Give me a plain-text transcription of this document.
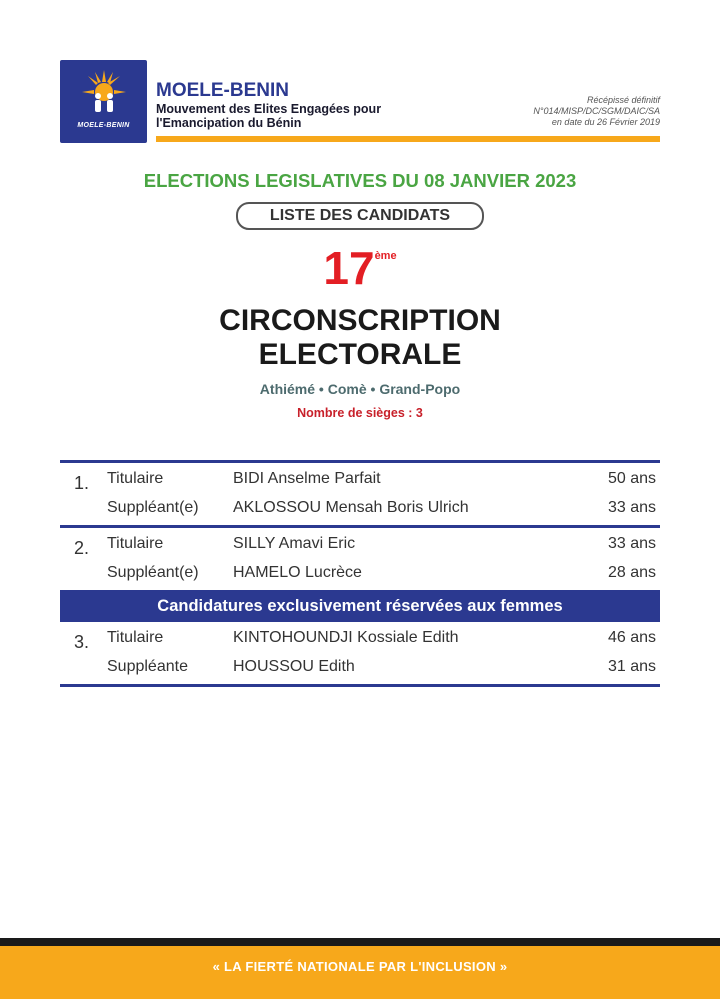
MOELE-BENIN
MOELE-BENIN
Mouvement des Elites Engagées pour
l'Emancipation du Bénin
Récépissé définitif
N°014/MISP/DC/SGM/DAIC/SA
en date du 26 Février 2019
ELECTIONS LEGISLATIVES DU 08 JANVIER 2023
LISTE DES CANDIDATS
17ème
CIRCONSCRIPTION
ELECTORALE
Athiémé • Comè • Grand-Popo
Nombre de sièges : 3
1. Titulaire	BIDI Anselme Parfait	50 ans
Suppléant(e) AKLOSSOU Mensah Boris Ulrich	33 ans
2. Titulaire	SILLY Amavi Eric	33 ans
Suppléant(e) HAMELO Lucrèce	28 ans
Candidatures exclusivement réservées aux femmes
3. Titulaire	KINTOHOUNDJI Kossiale Edith	46 ans
Suppléante	HOUSSOU Edith	31 ans
« LA FIERTÉ NATIONALE PAR L'INCLUSION »
